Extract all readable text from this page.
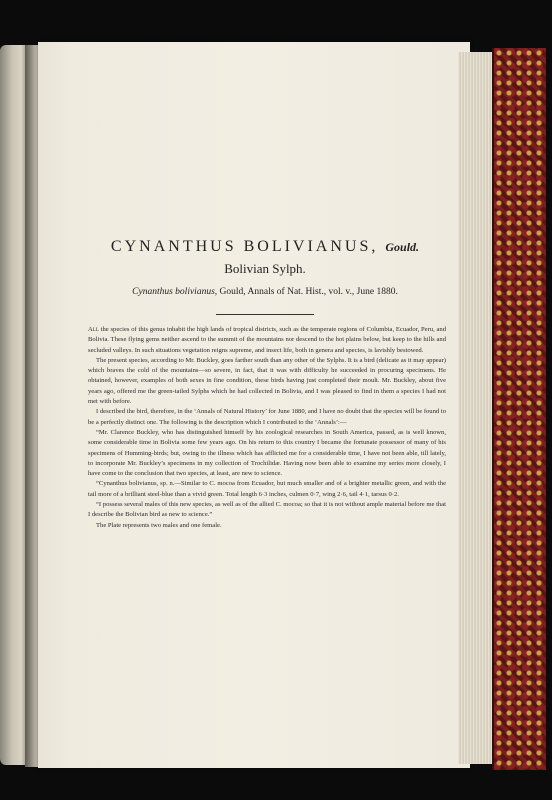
CYNANTHUS BOLIVIANUS, Gould.
Bolivian Sylph.
Cynanthus bolivianus, Gould, Annals of Nat. Hist., vol. v., June 1880.

All the species of this genus inhabit the high lands of tropical districts, such as the temperate regions of Columbia, Ecuador, Peru, and Bolivia. These flying gems neither ascend to the summit of the mountains nor descend to the hot plains below, but keep to the hills and secluded valleys. In such situations vegetation reigns supreme, and insect life, both in genera and species, is lavishly bestowed.

The present species, according to Mr. Buckley, goes farther south than any other of the Sylphs. It is a bird (delicate as it may appear) which braves the cold of the mountains—so severe, in fact, that it was with difficulty he succeeded in procuring specimens. He obtained, however, examples of both sexes in fine condition, these birds having just completed their moult. Mr. Buckley, about five years ago, offered me the green-tailed Sylphs which he had collected in Bolivia, and I was pleased to find in them a species I had not met with before.

I described the bird, therefore, in the ‘Annals of Natural History’ for June 1880, and I have no doubt that the species will be found to be a perfectly distinct one. The following is the description which I contributed to the ‘Annals’:—

“Mr. Clarence Buckley, who has distinguished himself by his zoological researches in South America, passed, as is well known, some considerable time in Bolivia some few years ago. On his return to this country I became the fortunate possessor of many of his specimens of Humming-birds; but, owing to the illness which has afflicted me for a considerable time, I have not been able, till lately, to incorporate Mr. Buckley’s specimens in my collection of Trochilidæ. Having now been able to examine my series more closely, I have come to the conclusion that two species, at least, are new to science.

“Cynanthus bolivianus, sp. n.—Similar to C. mocoa from Ecuador, but much smaller and of a brighter metallic green, and with the tail more of a brilliant steel-blue than a vivid green. Total length 6·3 inches, culmen 0·7, wing 2·6, tail 4·1, tarsus 0·2.

“I possess several males of this new species, as well as of the allied C. mocoa; so that it is not without ample material before me that I describe the Bolivian bird as new to science.”

The Plate represents two males and one female.
